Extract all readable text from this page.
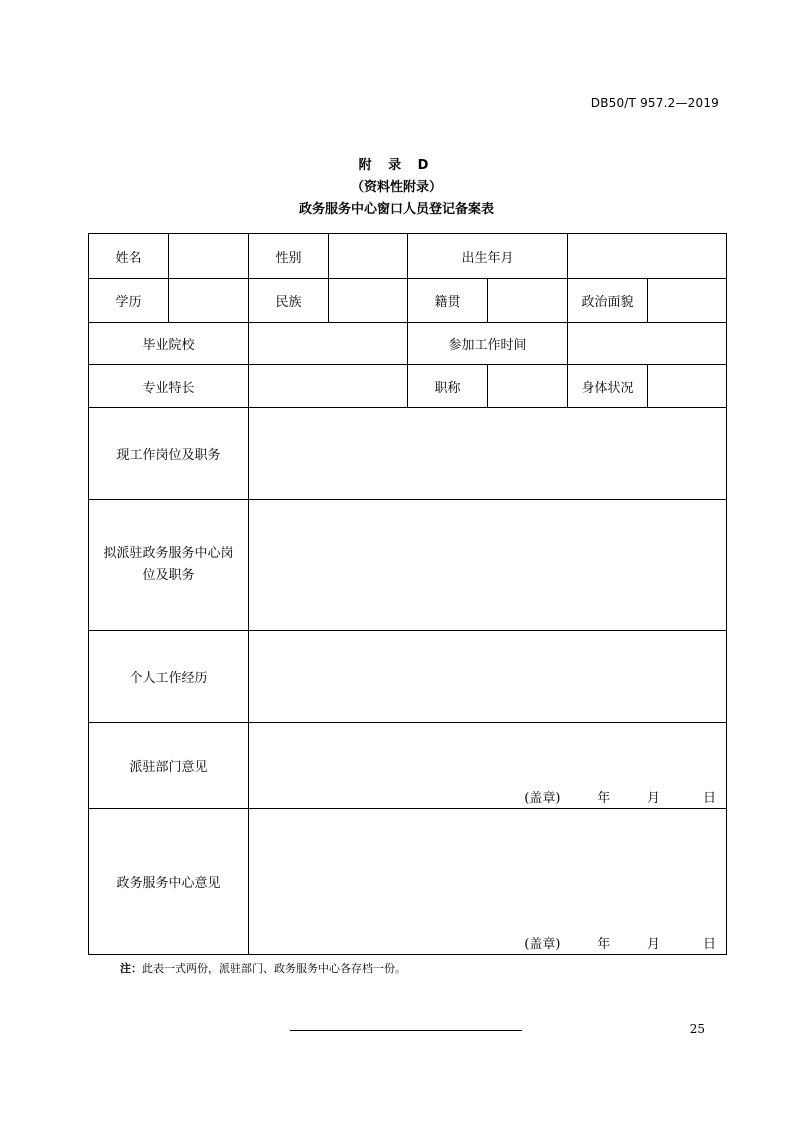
DB50/T 957.2—2019
附 录 D
（资料性附录）
政务服务中心窗口人员登记备案表
姓名		性别		出生年月			
学历		民族		籍贯		政治面貌	
毕业院校				参加工作时间			
专业特长				职称		身体状况	
现工作岗位及职务							

拟派驻政务服务中心岗
位及职务							

个人工作经历							
派驻部门意见		(盖章) 年 月 日					

政务服务中心意见		(盖章) 年 月 日					
注：此表一式两份，派驻部门、政务服务中心各存档一份。
25
